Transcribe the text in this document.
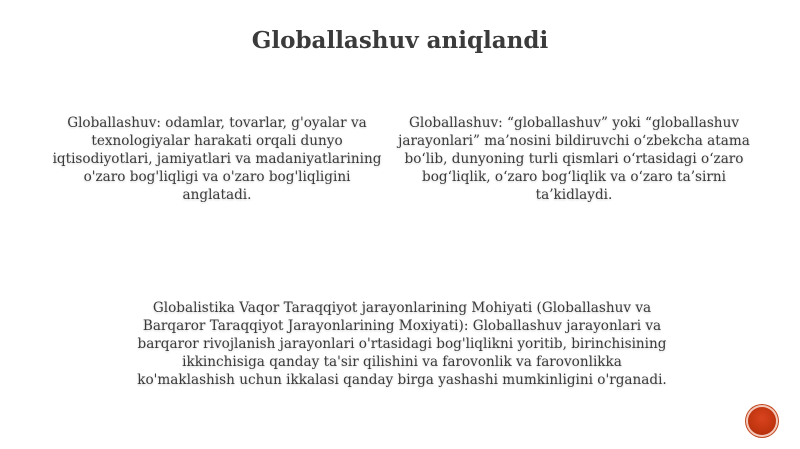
Globallashuv aniqlandi
Globallashuv: odamlar, tovarlar, g'oyalar va texnologiyalar harakati orqali dunyo iqtisodiyotlari, jamiyatlari va madaniyatlarining o'zaro bog'liqligi va o'zaro bog'liqligini anglatadi.
Globallashuv: “globallashuv” yoki “globallashuv jarayonlari” ma’nosini bildiruvchi o‘zbekcha atama bo‘lib, dunyoning turli qismlari o‘rtasidagi o‘zaro bog‘liqlik, o‘zaro bog‘liqlik va o‘zaro ta’sirni ta’kidlaydi.
Globalistika Vaqor Taraqqiyot jarayonlarining Mohiyati (Globallashuv va Barqaror Taraqqiyot Jarayonlarining Moxiyati): Globallashuv jarayonlari va barqaror rivojlanish jarayonlari o'rtasidagi bog'liqlikni yoritib, birinchisining ikkinchisiga qanday ta'sir qilishini va farovonlik va farovonlikka ko'maklashish uchun ikkalasi qanday birga yashashi mumkinligini o'rganadi.
